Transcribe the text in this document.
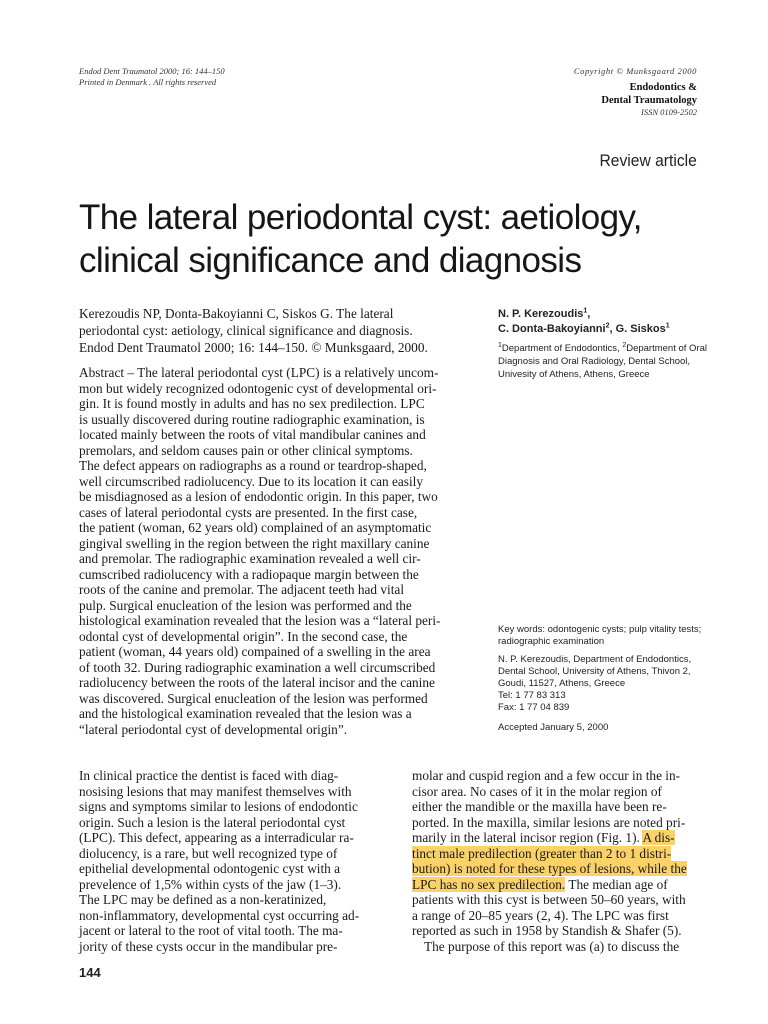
Endod Dent Traumatol 2000; 16: 144–150
Printed in Denmark . All rights reserved
Copyright © Munksgaard 2000
Endodontics &
Dental Traumatology
ISSN 0109-2502
Review article
The lateral periodontal cyst: aetiology,
clinical significance and diagnosis
Kerezoudis NP, Donta-Bakoyianni C, Siskos G. The lateral
periodontal cyst: aetiology, clinical significance and diagnosis.
Endod Dent Traumatol 2000; 16: 144–150. © Munksgaard, 2000.
Abstract – The lateral periodontal cyst (LPC) is a relatively uncom-
mon but widely recognized odontogenic cyst of developmental ori-
gin. It is found mostly in adults and has no sex predilection. LPC
is usually discovered during routine radiographic examination, is
located mainly between the roots of vital mandibular canines and
premolars, and seldom causes pain or other clinical symptoms.
The defect appears on radiographs as a round or teardrop-shaped,
well circumscribed radiolucency. Due to its location it can easily
be misdiagnosed as a lesion of endodontic origin. In this paper, two
cases of lateral periodontal cysts are presented. In the first case,
the patient (woman, 62 years old) complained of an asymptomatic
gingival swelling in the region between the right maxillary canine
and premolar. The radiographic examination revealed a well cir-
cumscribed radiolucency with a radiopaque margin between the
roots of the canine and premolar. The adjacent teeth had vital
pulp. Surgical enucleation of the lesion was performed and the
histological examination revealed that the lesion was a “lateral peri-
odontal cyst of developmental origin”. In the second case, the
patient (woman, 44 years old) compained of a swelling in the area
of tooth 32. During radiographic examination a well circumscribed
radiolucency between the roots of the lateral incisor and the canine
was discovered. Surgical enucleation of the lesion was performed
and the histological examination revealed that the lesion was a
“lateral periodontal cyst of developmental origin”.
N. P. Kerezoudis$^1$,
C. Donta-Bakoyianni$^2$, G. Siskos$^1$
$^1$Department of Endodontics, $^2$Department of Oral
Diagnosis and Oral Radiology, Dental School,
Univesity of Athens, Athens, Greece
Key words: odontogenic cysts; pulp vitality tests;
radiographic examination
N. P. Kerezoudis, Department of Endodontics,
Dental School, University of Athens, Thivon 2,
Goudi, 11527, Athens, Greece
Tel: 1 77 83 313
Fax: 1 77 04 839
Accepted January 5, 2000
In clinical practice the dentist is faced with diag-
nosising lesions that may manifest themselves with
signs and symptoms similar to lesions of endodontic
origin. Such a lesion is the lateral periodontal cyst
(LPC). This defect, appearing as a interradicular ra-
diolucency, is a rare, but well recognized type of
epithelial developmental odontogenic cyst with a
prevelence of 1,5% within cysts of the jaw (1–3).
The LPC may be defined as a non-keratinized,
non-inflammatory, developmental cyst occurring ad-
jacent or lateral to the root of vital tooth. The ma-
jority of these cysts occur in the mandibular pre-
molar and cuspid region and a few occur in the in-
cisor area. No cases of it in the molar region of
either the mandible or the maxilla have been re-
ported. In the maxilla, similar lesions are noted pri-
marily in the lateral incisor region (Fig. 1). A dis-
tinct male predilection (greater than 2 to 1 distri-
bution) is noted for these types of lesions, while the
LPC has no sex predilection. The median age of
patients with this cyst is between 50–60 years, with
a range of 20–85 years (2, 4). The LPC was first
reported as such in 1958 by Standish & Shafer (5).
The purpose of this report was (a) to discuss the
144
